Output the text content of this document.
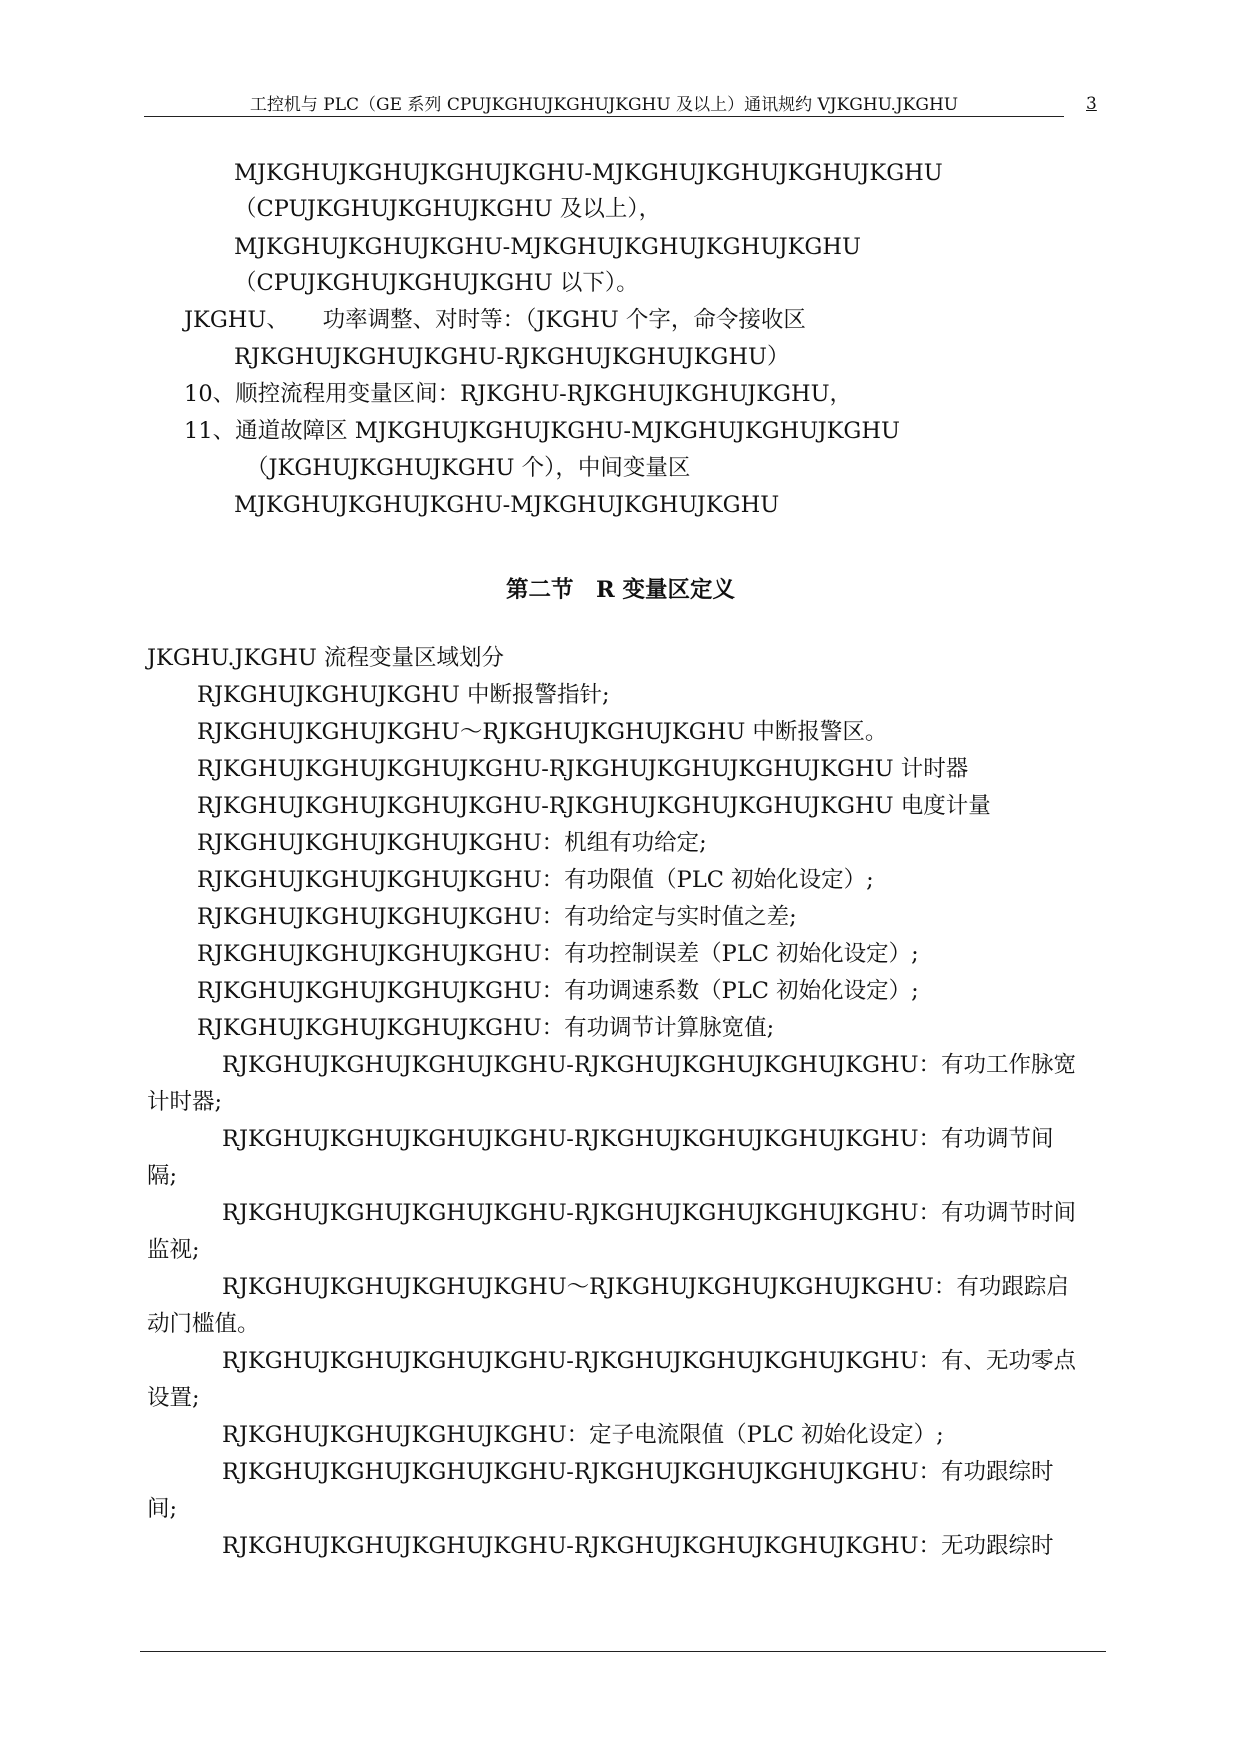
工控机与 PLC（GE 系列 CPUJKGHUJKGHUJKGHU 及以上）通讯规约 VJKGHU.JKGHU	3
MJKGHUJKGHUJKGHUJKGHU-MJKGHUJKGHUJKGHUJKGHU
（CPUJKGHUJKGHUJKGHU 及以上），
MJKGHUJKGHUJKGHU-MJKGHUJKGHUJKGHUJKGHU
（CPUJKGHUJKGHUJKGHU 以下）。
JKGHU、　　功率调整、对时等：（JKGHU 个字，命令接收区
RJKGHUJKGHUJKGHU-RJKGHUJKGHUJKGHU）
10、顺控流程用变量区间：RJKGHU-RJKGHUJKGHUJKGHU，
11、通道故障区 MJKGHUJKGHUJKGHU-MJKGHUJKGHUJKGHU
（JKGHUJKGHUJKGHU 个），中间变量区
MJKGHUJKGHUJKGHU-MJKGHUJKGHUJKGHU
第二节　R 变量区定义
JKGHU.JKGHU 流程变量区域划分
RJKGHUJKGHUJKGHU 中断报警指针;
RJKGHUJKGHUJKGHU～RJKGHUJKGHUJKGHU 中断报警区。
RJKGHUJKGHUJKGHUJKGHU-RJKGHUJKGHUJKGHUJKGHU 计时器
RJKGHUJKGHUJKGHUJKGHU-RJKGHUJKGHUJKGHUJKGHU 电度计量
RJKGHUJKGHUJKGHUJKGHU：机组有功给定;
RJKGHUJKGHUJKGHUJKGHU：有功限值（PLC 初始化设定）;
RJKGHUJKGHUJKGHUJKGHU：有功给定与实时值之差;
RJKGHUJKGHUJKGHUJKGHU：有功控制误差（PLC 初始化设定）;
RJKGHUJKGHUJKGHUJKGHU：有功调速系数（PLC 初始化设定）;
RJKGHUJKGHUJKGHUJKGHU：有功调节计算脉宽值;
RJKGHUJKGHUJKGHUJKGHU-RJKGHUJKGHUJKGHUJKGHU：有功工作脉宽
计时器;
RJKGHUJKGHUJKGHUJKGHU-RJKGHUJKGHUJKGHUJKGHU：有功调节间
隔;
RJKGHUJKGHUJKGHUJKGHU-RJKGHUJKGHUJKGHUJKGHU：有功调节时间
监视;
RJKGHUJKGHUJKGHUJKGHU～RJKGHUJKGHUJKGHUJKGHU：有功跟踪启
动门槛值。
RJKGHUJKGHUJKGHUJKGHU-RJKGHUJKGHUJKGHUJKGHU：有、无功零点
设置;
RJKGHUJKGHUJKGHUJKGHU：定子电流限值（PLC 初始化设定）;
RJKGHUJKGHUJKGHUJKGHU-RJKGHUJKGHUJKGHUJKGHU：有功跟综时
间;
RJKGHUJKGHUJKGHUJKGHU-RJKGHUJKGHUJKGHUJKGHU：无功跟综时
